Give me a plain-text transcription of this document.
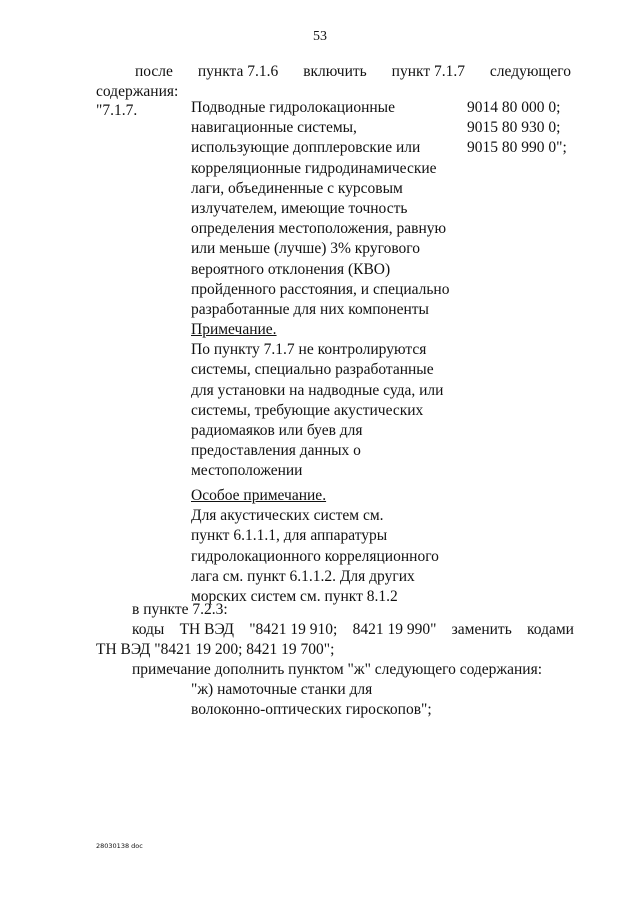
53
после пункта 7.1.6 включить пункт 7.1.7 следующего
содержания:
"7.1.7.	Подводные гидролокационные
навигационные системы,
использующие допплеровские или
корреляционные гидродинамические
лаги, объединенные с курсовым
излучателем, имеющие точность
определения местоположения, равную
или меньше (лучше) 3% кругового
вероятного отклонения (КВО)
пройденного расстояния, и специально
разработанные для них компоненты
9014 80 000 0;
9015 80 930 0;
9015 80 990 0";
Примечание.
По пункту 7.1.7 не контролируются
системы, специально разработанные
для установки на надводные суда, или
системы, требующие акустических
радиомаяков или буев для
предоставления данных о
местоположении
Особое примечание.
Для акустических систем см.
пункт 6.1.1.1, для аппаратуры
гидролокационного корреляционного
лага см. пункт 6.1.1.2. Для других
морских систем см. пункт 8.1.2
в пункте 7.2.3:
коды ТН ВЭД "8421 19 910; 8421 19 990" заменить кодами
ТН ВЭД "8421 19 200; 8421 19 700";
примечание дополнить пунктом "ж" следующего содержания:
"ж) намоточные станки для
волоконно-оптических гироскопов";
28030138 doc
